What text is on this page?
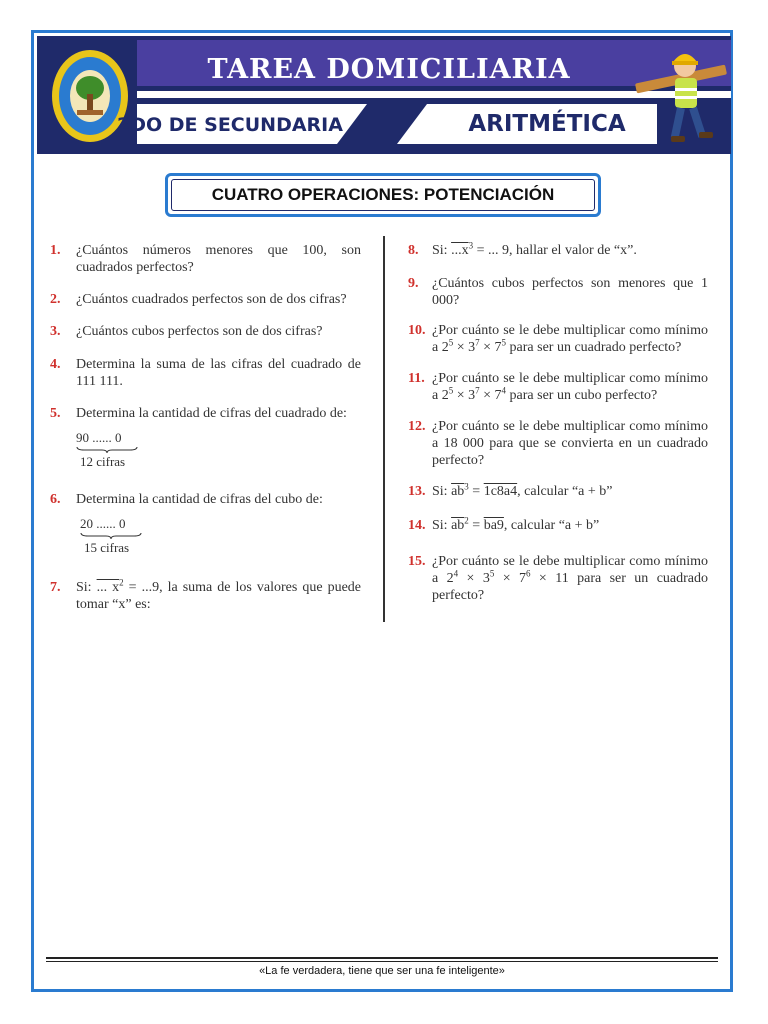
TAREA DOMICILIARIA
2DO DE SECUNDARIA	ARITMÉTICA
CUATRO OPERACIONES: POTENCIACIÓN
1. ¿Cuántos números menores que 100, son cuadrados perfectos?
2. ¿Cuántos cuadrados perfectos son de dos cifras?
3. ¿Cuántos cubos perfectos son de dos cifras?
4. Determina la suma de las cifras del cuadrado de 111 111.
5. Determina la cantidad de cifras del cuadrado de:
90 ...... 0
12 cifras
6. Determina la cantidad de cifras del cubo de:
20 ...... 0
15 cifras
7. Si: ... $x^2 = ...9$, la suma de los valores que puede tomar “x” es:
8. Si: $...x^3$ = ... 9, hallar el valor de “x”.
9. ¿Cuántos cubos perfectos son menores que 1 000?
10. ¿Por cuánto se le debe multiplicar como mínimo a $2^5 \times 3^7 \times 7^5$ para ser un cuadrado perfecto?
11. ¿Por cuánto se le debe multiplicar como mínimo a $2^5 \times 3^7 \times 7^4$ para ser un cubo perfecto?
12. ¿Por cuánto se le debe multiplicar como mínimo a 18 000 para que se convierta en un cuadrado perfecto?
13. Si: $\overline{ab}^3 = 1c8a4$, calcular “a + b”
14. Si: $\overline{ab}^2 = ba9$, calcular “a + b”
15. ¿Por cuánto se le debe multiplicar como mínimo a $2^4 \times 3^5 \times 7^6 \times 11$ para ser un cuadrado perfecto?
«La fe verdadera, tiene que ser una fe inteligente»
